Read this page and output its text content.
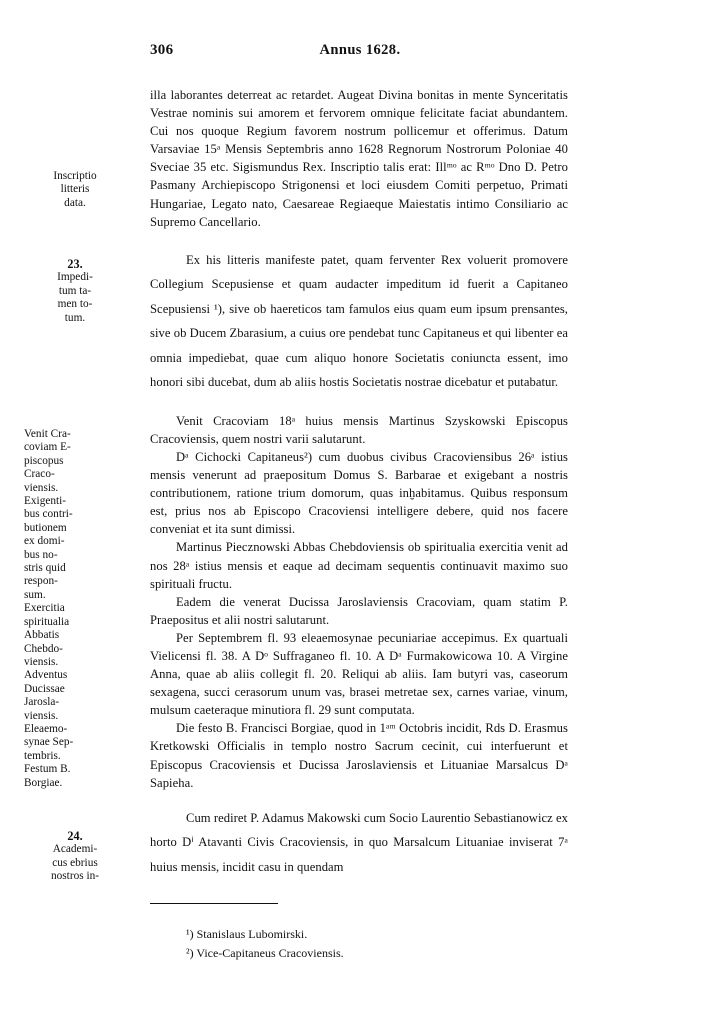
306	Annus 1628.
Inscriptio
litteris
data.
23.
Impedi-
tum ta-
men to-
tum.
Venit Cra-
coviam E-
piscopus
Craco-
viensis.
Exigenti-
bus contri-
butionem
ex domi-
bus no-
stris quid
respon-
sum.
Exercitia
spiritualia
Abbatis
Chebdo-
viensis.
Adventus
Ducissae
Jarosla-
viensis.
Eleaemo-
synae Sep-
tembris.
Festum B.
Borgiae.
24.
Academi-
cus ebrius
nostros in-

illa laborantes deterreat ac retardet. Augeat Divina bonitas in mente Synceritatis Vestrae nominis sui amorem et fervorem omnique felicitate faciat abundantem. Cui nos quoque Regium favorem nostrum pollicemur et offerimus. Datum Varsaviae 15ᵃ Mensis Septembris anno 1628 Regnorum Nostrorum Poloniae 40 Sveciae 35 etc. Sigismundus Rex. Inscriptio talis erat: Illᵐᵒ ac Rᵐᵒ Dno D. Petro Pasmany Archiepiscopo Strigonensi et loci eiusdem Comiti perpetuo, Primati Hungariae, Legato nato, Caesareae Regiaeque Maiestatis intimo Consiliario ac Supremo Cancellario.

Ex his litteris manifeste patet, quam ferventer Rex voluerit promovere Collegium Scepusiense et quam audacter impeditum id fuerit a Capitaneo Scepusiensi ¹), sive ob haereticos tam famulos eius quam eum ipsum prensantes, sive ob Ducem Zbarasium, a cuius ore pendebat tunc Capitaneus et qui libenter ea omnia impediebat, quae cum aliquo honore Societatis coniuncta essent, imo honori sibi ducebat, dum ab aliis hostis Societatis nostrae dicebatur et putabatur.

Venit Cracoviam 18ᵃ huius mensis Martinus Szyskowski Episcopus Cracoviensis, quem nostri varii salutarunt.

Dᵃ Cichocki Capitaneus²) cum duobus civibus Cracoviensibus 26ᵃ istius mensis venerunt ad praepositum Domus S. Barbarae et exigebant a nostris contributionem, ratione trium domorum, quas inḫabitamus. Quibus responsum est, prius nos ab Episcopo Cracoviensi intelligere debere, quid nos facere conveniat et ita sunt dimissi.

Martinus Piecznowski Abbas Chebdoviensis ob spiritualia exercitia venit ad nos 28ᵃ istius mensis et eaque ad decimam sequentis continuavit maximo suo spirituali fructu.

Eadem die venerat Ducissa Jaroslaviensis Cracoviam, quam statim P. Praepositus et alii nostri salutarunt.

Per Septembrem fl. 93 eleaemosynae pecuniariae accepimus. Ex quartuali Vielicensi fl. 38. A Dᵒ Suffraganeo fl. 10. A Dᵃ Furmakowicowa 10. A Virgine Anna, quae ab aliis collegit fl. 20. Reliqui ab aliis. Iam butyri vas, caseorum sexagena, succi cerasorum unum vas, brasei metretae sex, carnes variae, vinum, mulsum caeteraque minutiora fl. 29 sunt computata.

Die festo B. Francisci Borgiae, quod in 1ᵃᵐ Octobris incidit, Rds D. Erasmus Kretkowski Officialis in templo nostro Sacrum cecinit, cui interfuerunt et Episcopus Cracoviensis et Ducissa Jaroslaviensis et Lituaniae Marsalcus Dᵃ Sapieha.

Cum rediret P. Adamus Makowski cum Socio Laurentio Sebastianowicz ex horto Dⁱ Atavanti Civis Cracoviensis, in quo Marsalcum Lituaniae inviserat 7ᵃ huius mensis, incidit casu in quendam

¹) Stanislaus Lubomirski.
²) Vice-Capitaneus Cracoviensis.
